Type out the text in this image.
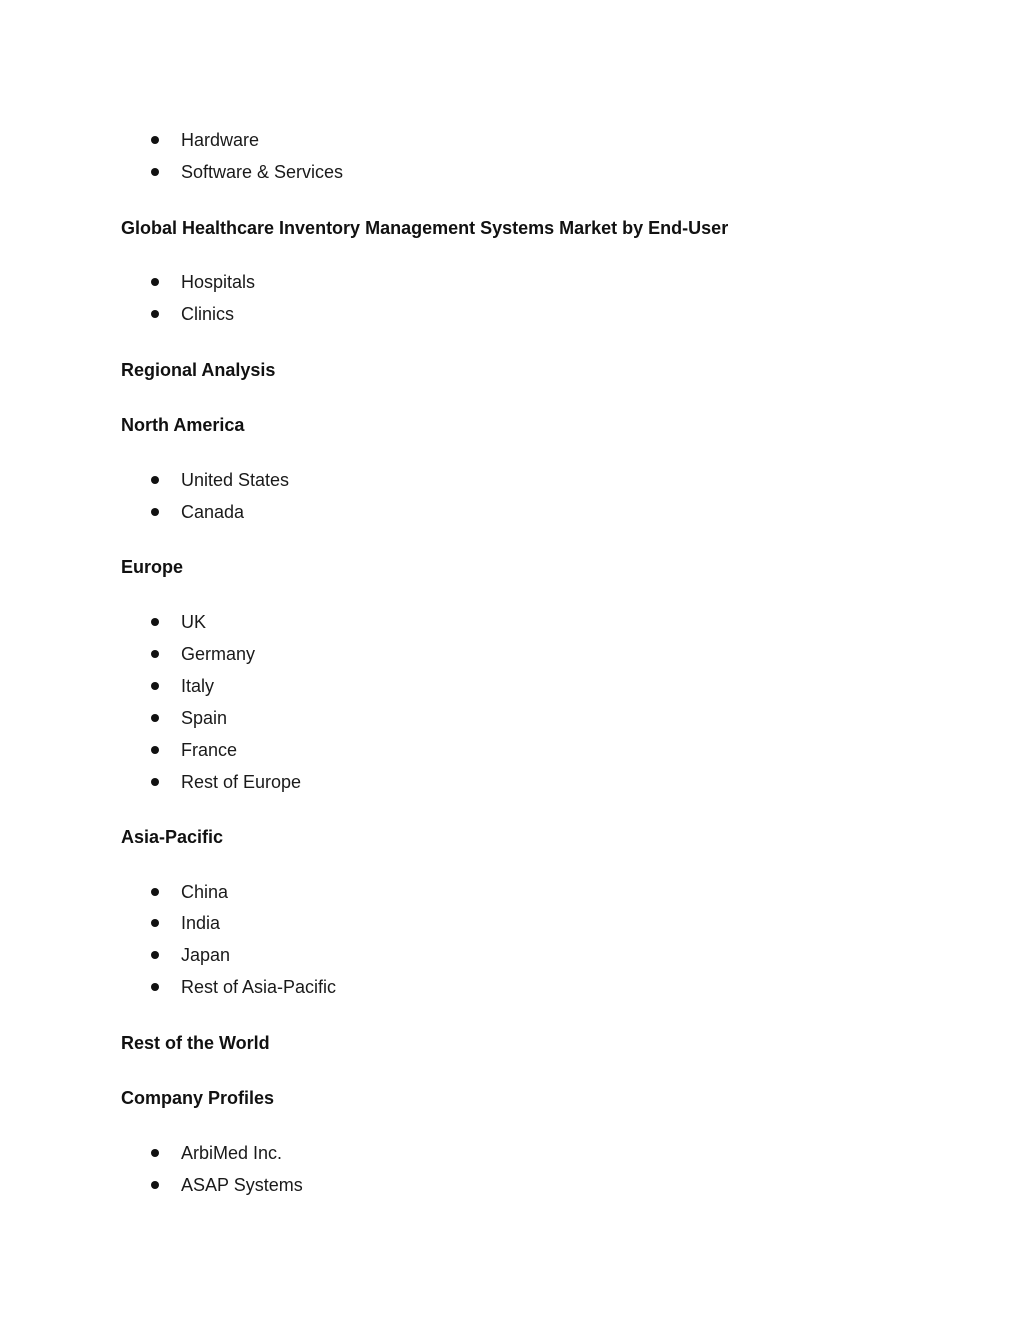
Hardware
Software & Services
Global Healthcare Inventory Management Systems Market by End-User
Hospitals
Clinics
Regional Analysis
North America
United States
Canada
Europe
UK
Germany
Italy
Spain
France
Rest of Europe
Asia-Pacific
China
India
Japan
Rest of Asia-Pacific
Rest of the World
Company Profiles
ArbiMed Inc.
ASAP Systems
